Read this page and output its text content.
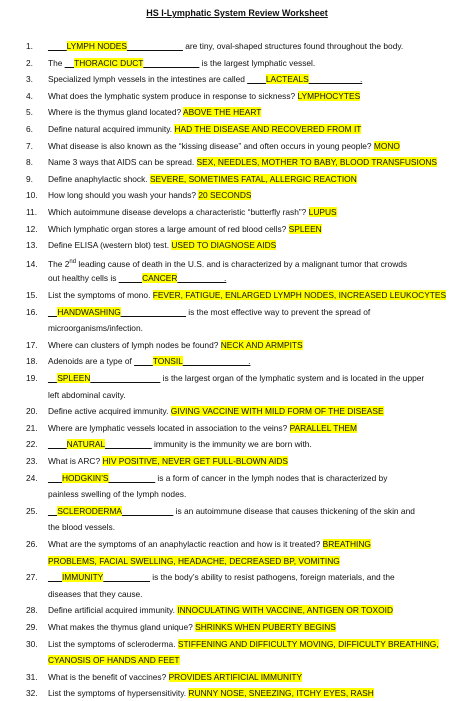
HS I-Lymphatic System Review Worksheet
1. ____LYMPH NODES____________ are tiny, oval-shaped structures found throughout the body.
2. The __THORACIC DUCT____________ is the largest lymphatic vessel.
3. Specialized lymph vessels in the intestines are called ____LACTEALS___________.
4. What does the lymphatic system produce in response to sickness? LYMPHOCYTES
5. Where is the thymus gland located? ABOVE THE HEART
6. Define natural acquired immunity. HAD THE DISEASE AND RECOVERED FROM IT
7. What disease is also known as the “kissing disease” and often occurs in young people? MONO
8. Name 3 ways that AIDS can be spread. SEX, NEEDLES, MOTHER TO BABY, BLOOD TRANSFUSIONS
9. Define anaphylactic shock. SEVERE, SOMETIMES FATAL, ALLERGIC REACTION
10. How long should you wash your hands? 20 SECONDS
11. Which autoimmune disease develops a characteristic “butterfly rash”? LUPUS
12. Which lymphatic organ stores a large amount of red blood cells? SPLEEN
13. Define ELISA (western blot) test. USED TO DIAGNOSE AIDS
14. The 2nd leading cause of death in the U.S. and is characterized by a malignant tumor that crowds
out healthy cells is _____CANCER__________.
15. List the symptoms of mono. FEVER, FATIGUE, ENLARGED LYMPH NODES, INCREASED LEUKOCYTES
16. __HANDWASHING______________ is the most effective way to prevent the spread of
microorganisms/infection.
17. Where can clusters of lymph nodes be found? NECK AND ARMPITS
18. Adenoids are a type of ____TONSIL______________.
19. __SPLEEN_______________ is the largest organ of the lymphatic system and is located in the upper
left abdominal cavity.
20. Define active acquired immunity. GIVING VACCINE WITH MILD FORM OF THE DISEASE
21. Where are lymphatic vessels located in association to the veins? PARALLEL THEM
22. ____NATURAL__________ immunity is the immunity we are born with.
23. What is ARC? HIV POSITIVE, NEVER GET FULL-BLOWN AIDS
24. ___HODGKIN’S__________ is a form of cancer in the lymph nodes that is characterized by
painless swelling of the lymph nodes.
25. __SCLERODERMA___________ is an autoimmune disease that causes thickening of the skin and
the blood vessels.
26. What are the symptoms of an anaphylactic reaction and how is it treated? BREATHING
PROBLEMS, FACIAL SWELLING, HEADACHE, DECREASED BP, VOMITING
27. ___IMMUNITY__________ is the body’s ability to resist pathogens, foreign materials, and the
diseases that they cause.
28. Define artificial acquired immunity. INNOCULATING WITH VACCINE, ANTIGEN OR TOXOID
29. What makes the thymus gland unique? SHRINKS WHEN PUBERTY BEGINS
30. List the symptoms of scleroderma. STIFFENING AND DIFFICULTY MOVING, DIFFICULTY BREATHING,
CYANOSIS OF HANDS AND FEET
31. What is the benefit of vaccines? PROVIDES ARTIFICIAL IMMUNITY
32. List the symptoms of hypersensitivity. RUNNY NOSE, SNEEZING, ITCHY EYES, RASH
